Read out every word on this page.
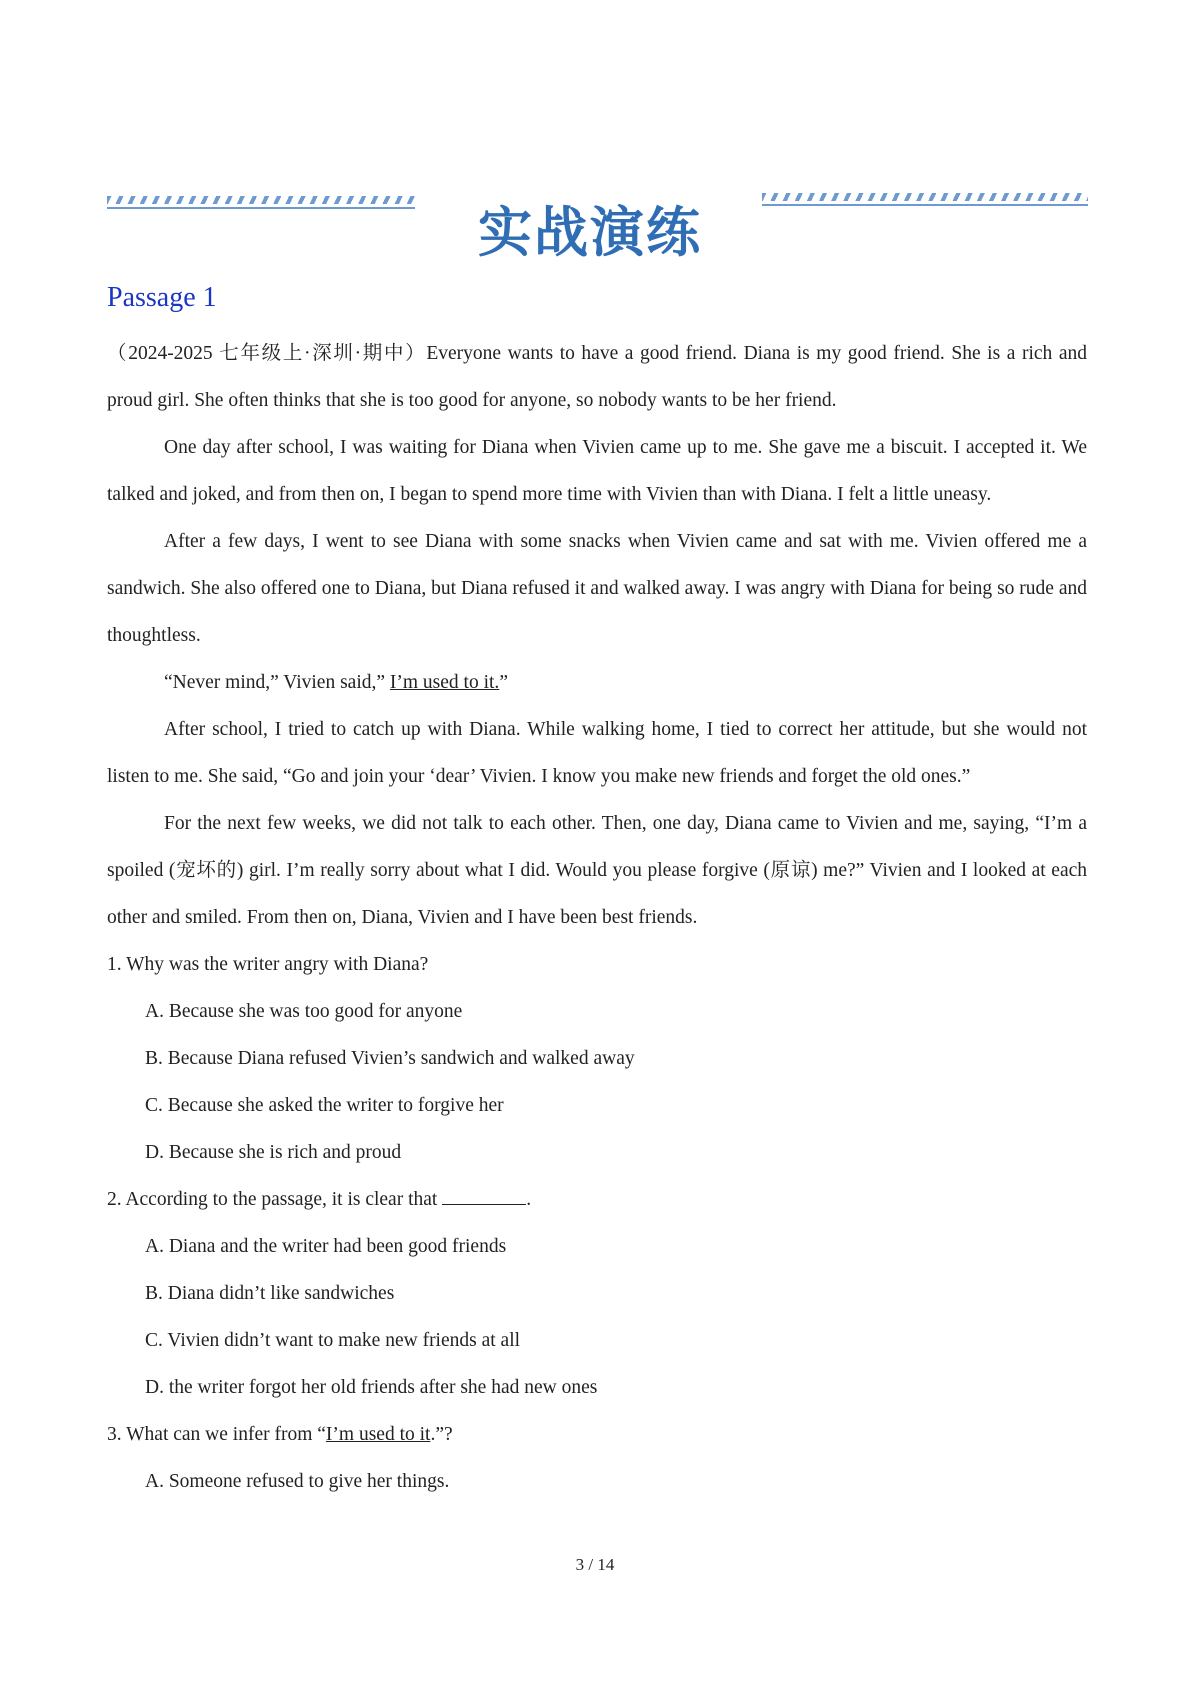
实战演练
Passage 1

（2024-2025 七年级上·深圳·期中）Everyone wants to have a good friend. Diana is my good friend. She is a rich and proud girl. She often thinks that she is too good for anyone, so nobody wants to be her friend.

One day after school, I was waiting for Diana when Vivien came up to me. She gave me a biscuit. I accepted it. We talked and joked, and from then on, I began to spend more time with Vivien than with Diana. I felt a little uneasy.

After a few days, I went to see Diana with some snacks when Vivien came and sat with me. Vivien offered me a sandwich. She also offered one to Diana, but Diana refused it and walked away. I was angry with Diana for being so rude and thoughtless.

“Never mind,” Vivien said,” I’m used to it.”

After school, I tried to catch up with Diana. While walking home, I tied to correct her attitude, but she would not listen to me. She said, “Go and join your ‘dear’ Vivien. I know you make new friends and forget the old ones.”

For the next few weeks, we did not talk to each other. Then, one day, Diana came to Vivien and me, saying, “I’m a spoiled (宠坏的) girl. I’m really sorry about what I did. Would you please forgive (原谅) me?” Vivien and I looked at each other and smiled. From then on, Diana, Vivien and I have been best friends.

1. Why was the writer angry with Diana?

A. Because she was too good for anyone

B. Because Diana refused Vivien’s sandwich and walked away

C. Because she asked the writer to forgive her

D. Because she is rich and proud

2. According to the passage, it is clear that	.

A. Diana and the writer had been good friends

B. Diana didn’t like sandwiches

C. Vivien didn’t want to make new friends at all

D. the writer forgot her old friends after she had new ones

3. What can we infer from “I’m used to it.”?

A. Someone refused to give her things.

3 / 14
